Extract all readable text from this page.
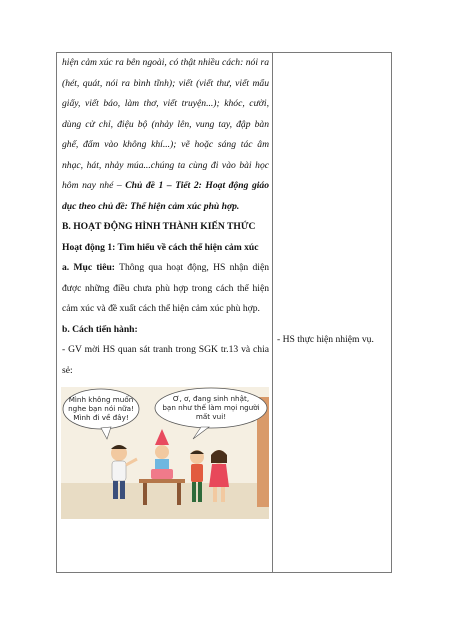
hiện cảm xúc ra bên ngoài, có thật nhiều cách: nói ra (hét, quát, nói ra bình tĩnh); viết (viết thư, viết mẩu giấy, viết báo, làm thơ, viết truyện...); khóc, cười, dùng cử chỉ, điệu bộ (nhảy lên, vung tay, đập bàn ghế, đấm vào không khí...); vẽ hoặc sáng tác âm nhạc, hát, nhảy múa...chúng ta cùng đi vào bài học hôm nay nhé – Chủ đề 1 – Tiết 2: Hoạt động giáo dục theo chủ đề: Thể hiện cảm xúc phù hợp.

B. HOẠT ĐỘNG HÌNH THÀNH KIẾN THỨC

Hoạt động 1: Tìm hiểu về cách thể hiện cảm xúc

a. Mục tiêu: Thông qua hoạt động, HS nhận diện được những điều chưa phù hợp trong cách thể hiện cảm xúc và đề xuất cách thể hiện cảm xúc phù hợp.

b. Cách tiến hành:

- GV mời HS quan sát tranh trong SGK tr.13 và chia sẻ:

Mình không muốn
nghe bạn nói nữa!
Mình đi về đây!
Ơ, ơ, đang sinh nhật,
bạn như thế làm mọi người
mất vui!
- HS thực hiện nhiệm vụ.
